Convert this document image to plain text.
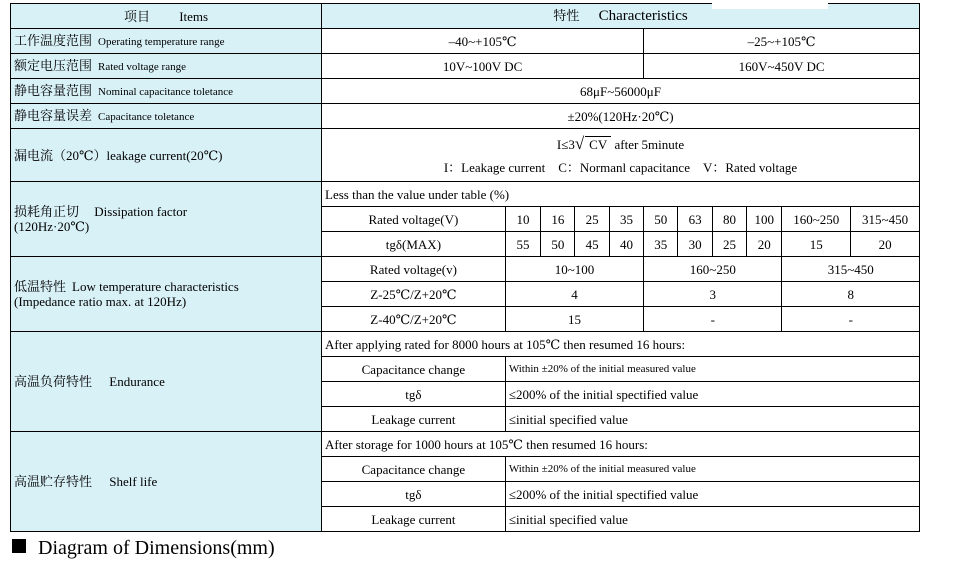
项目 Items	特性 Characteristics										
工作温度范围 Operating temperature range	–40~+105℃					–25~+105℃					
额定电压范围 Rated voltage range	10V~100V DC					160V~450V DC					
静电容量范围 Nominal capacitance toletance	68μF~56000μF										
静电容量误差 Capacitance toletance	±20%(120Hz·20℃)										
漏电流（20℃）leakage current(20℃)	I≤3√ CV after 5minute
I：Leakage current　C：Normanl capacitance　V：Rated voltage										

损耗角正切 Dissipation factor
(120Hz·20℃)	Less than the value under table (%)										
	Rated voltage(V)	10	16	25	35	50	63	80	100	160~250	315~450
	tgδ(MAX)	55	50	45	40	35	30	25	20	15	20
低温特性 Low temperature characteristics
(Impedance ratio max. at 120Hz)	Rated voltage(v)	10~100				160~250				315~450	
	Z-25℃/Z+20℃	4				3				8	
	Z-40℃/Z+20℃	15				-				-	
高温负荷特性 Endurance	After applying rated for 8000 hours at 105℃ then resumed 16 hours:										
	Capacitance change	Within ±20% of the initial measured value									
	tgδ	≤200% of the initial spectified value									
	Leakage current	≤initial specified value									
高温贮存特性 Shelf life	After storage for 1000 hours at 105℃ then resumed 16 hours:										
	Capacitance change	Within ±20% of the initial measured value									
	tgδ	≤200% of the initial spectified value									
	Leakage current	≤initial specified value									
Diagram of Dimensions(mm)
